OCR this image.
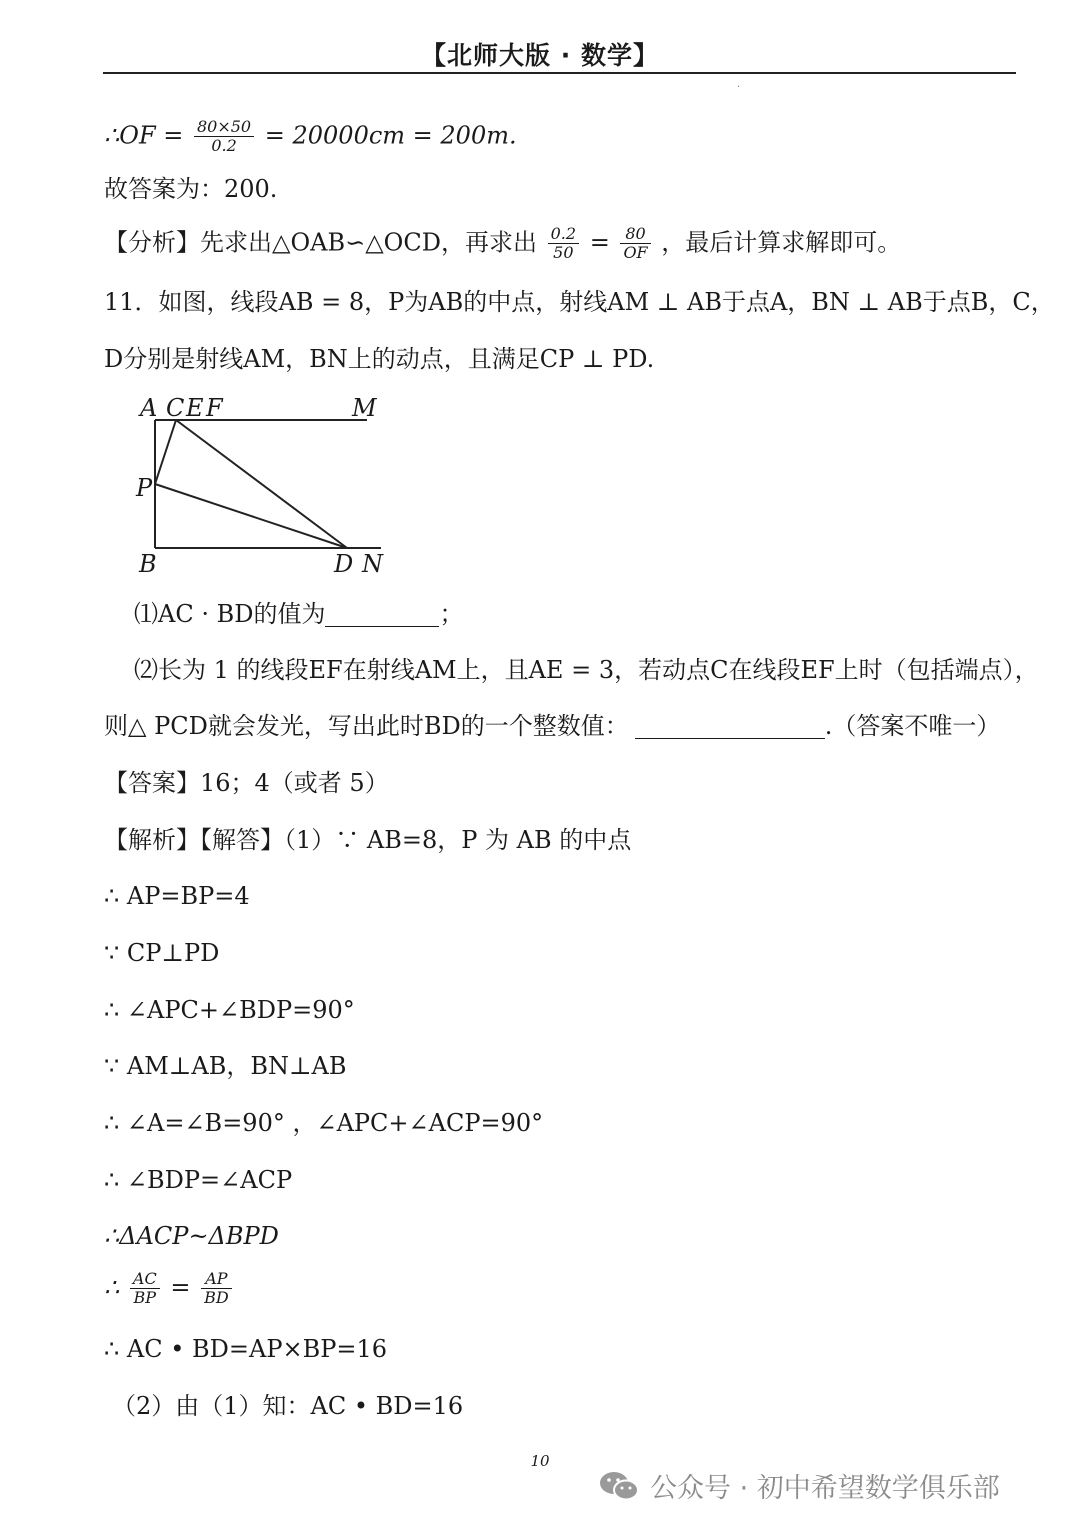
【北师大版 · 数学】
·
∴OF = $\frac{80\times 50}{0.2} = 20000cm = 200m$.
故答案为：200.
【分析】先求出△OAB∽△OCD，再求出 $\frac{0.2}{50} = \frac{80}{OF}$ ，最后计算求解即可。
11．如图，线段AB = 8，P为AB的中点，射线AM ⊥ AB于点A，BN ⊥ AB于点B，C，
D分别是射线AM，BN上的动点，且满足CP ⊥ PD.
A C E F	M
P
B	D N
⑴AC · BD的值为	；
⑵长为 1 的线段EF在射线AM上，且AE = 3，若动点C在线段EF上时（包括端点），
则△ PCD就会发光，写出此时BD的一个整数值：	.（答案不唯一）
【答案】16；4（或者 5）
【解析】【解答】（1）∵ AB=8，P 为 AB 的中点
∴ AP=BP=4
∵ CP⊥PD
∴ ∠APC+∠BDP=90°
∵ AM⊥AB，BN⊥AB
∴ ∠A=∠B=90° ，∠APC+∠ACP=90°
∴ ∠BDP=∠ACP
∴ΔACP~ΔBPD
∴ $\frac{AC}{BP} = \frac{AP}{BD}$
∴ AC • BD=AP×BP=16
（2）由（1）知：AC • BD=16
10
公众号 · 初中希望数学俱乐部
